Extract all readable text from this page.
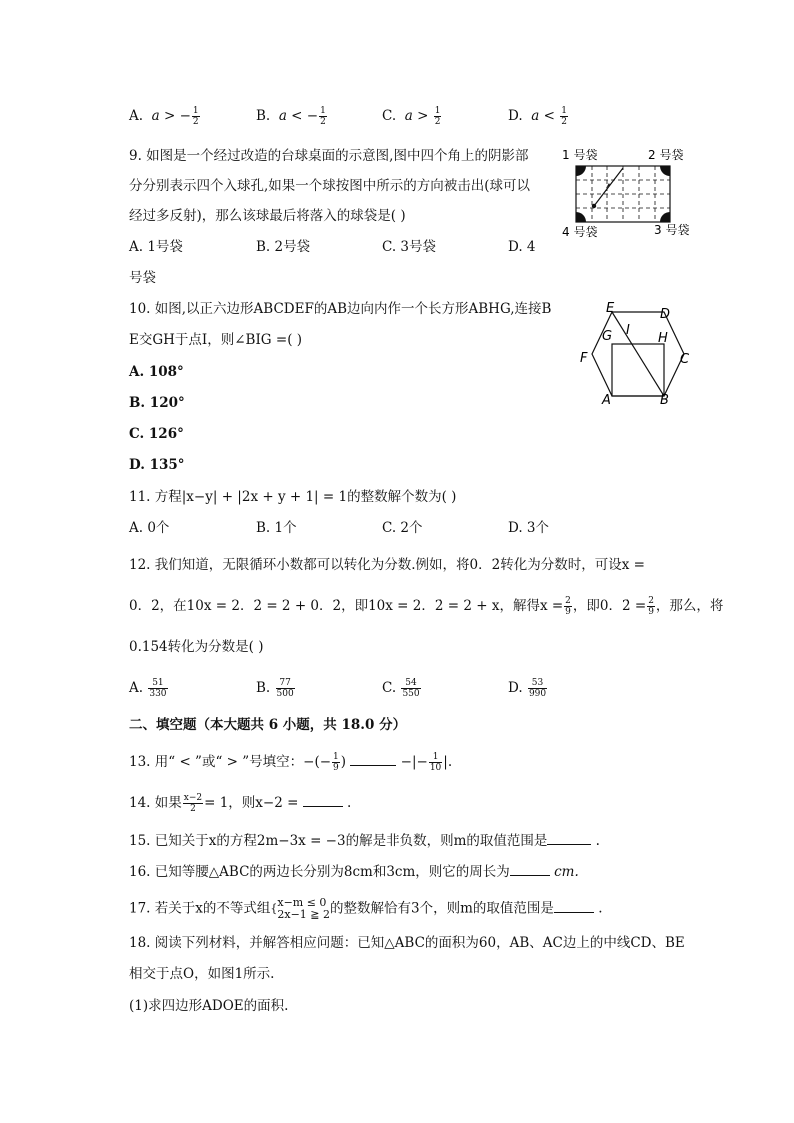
A. a > − $\frac{1}{2}$	B. a < − $\frac{1}{2}$	C. $a > \frac{1}{2}$	D. $a < \frac{1}{2}$
9. 如图是一个经过改造的台球桌面的示意图,图中四个角上的阴影部
分分别表示四个入球孔,如果一个球按图中所示的方向被击出(球可以
经过多反射)，那么该球最后将落入的球袋是( )
A. 1号袋	B. 2号袋	C. 3号袋	D. 4
号袋
1 号袋	2 号袋
4 号袋	3 号袋
10. 如图,以正六边形ABCDEF的AB边向内作一个长方形ABHG,连接B
E交GH于点I，则∠BIG =( )
A. 108°
B. 120°
C. 126°
D. 135°
E	D
G I
H
F	C
A	B
11. 方程|x−y| + |2x + y + 1| = 1的整数解个数为( )
A. 0个	B. 1个	C. 2个	D. 3个
12. 我们知道，无限循环小数都可以转化为分数.例如，将0．2̇转化为分数时，可设x =
0．2̇，在10x = 2．2̇ = 2 + 0．2̇，即10x = 2．2̇ = 2 + x，解得$x = \frac{2}{9}$ ，即0．2̇ = $\frac{2}{9}$ ，那么，将
0.15̇4̇转化为分数是( )
A. $\frac{51}{330}$	B. $\frac{77}{500}$	C. $\frac{54}{550}$	D. $\frac{53}{990}$
二、填空题（本大题共 6 小题，共 18.0 分）
13. 用“ < ”或“ > ”号填空：−(− $\frac{1}{9}$ )	−|− $\frac{1}{10}$ |.
14. 如果 $\frac{x-2}{2} = 1$，则x−2 =	.
15. 已知关于x的方程2m−3x = −3的解是非负数，则m的取值范围是	.
16. 已知等腰△ABC的两边长分别为8cm和3cm，则它的周长为	cm.
17. 若关于x的不等式组{ x−m ≤ 0
2x−1 ≧ 2 的整数解恰有3个，则m的取值范围是	.
18. 阅读下列材料，并解答相应问题：已知△ABC的面积为60，AB、AC边上的中线CD、BE
相交于点O，如图1所示.
(1)求四边形ADOE的面积.
